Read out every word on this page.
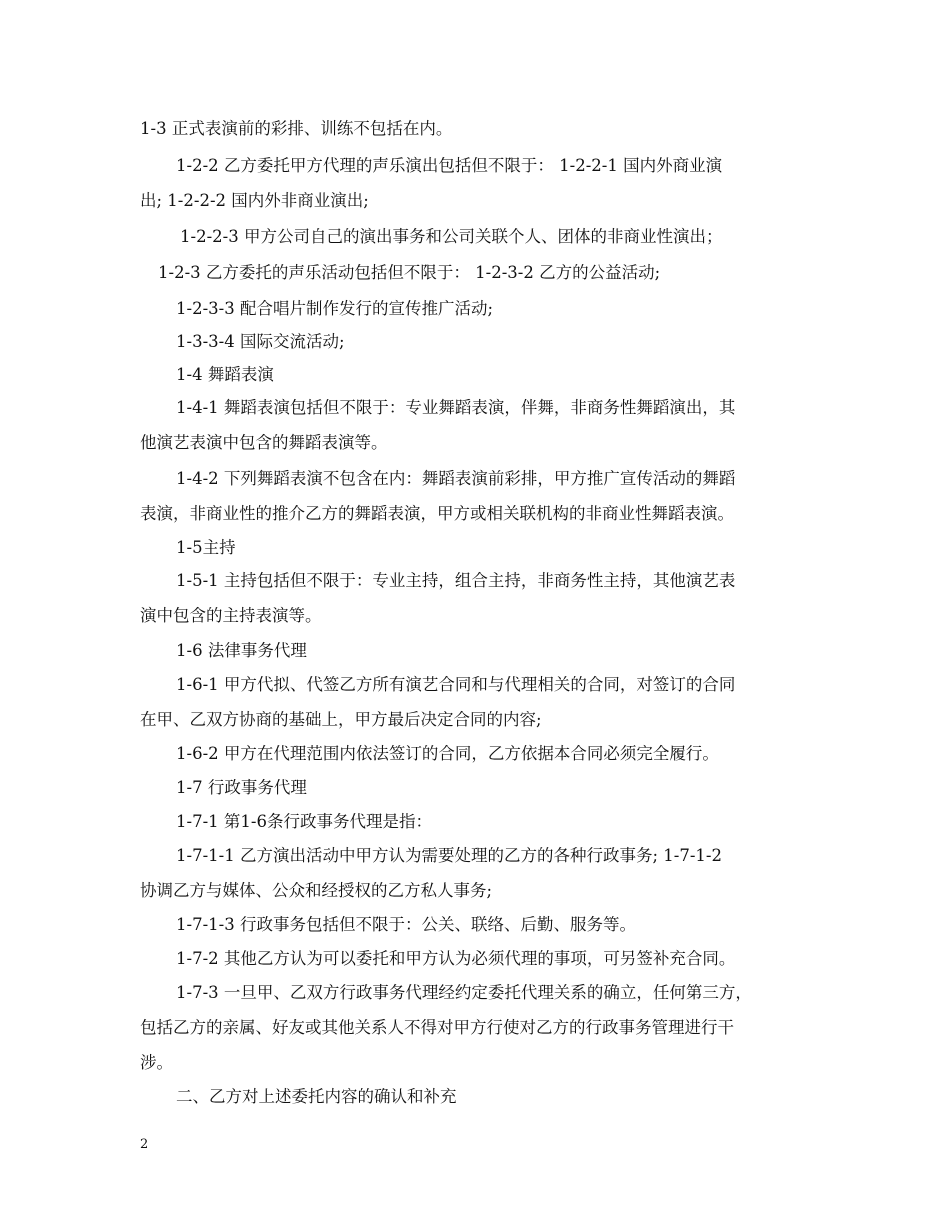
1-3 正式表演前的彩排、训练不包括在内。
1-2-2 乙方委托甲方代理的声乐演出包括但不限于： 1-2-2-1 国内外商业演
出; 1-2-2-2 国内外非商业演出;
1-2-2-3 甲方公司自己的演出事务和公司关联个人、团体的非商业性演出；
1-2-3 乙方委托的声乐活动包括但不限于： 1-2-3-2 乙方的公益活动;
1-2-3-3 配合唱片制作发行的宣传推广活动;
1-3-3-4 国际交流活动;
1-4 舞蹈表演
1-4-1 舞蹈表演包括但不限于：专业舞蹈表演，伴舞，非商务性舞蹈演出，其
他演艺表演中包含的舞蹈表演等。
1-4-2 下列舞蹈表演不包含在内：舞蹈表演前彩排，甲方推广宣传活动的舞蹈
表演，非商业性的推介乙方的舞蹈表演，甲方或相关联机构的非商业性舞蹈表演。
1-5主持
1-5-1 主持包括但不限于：专业主持，组合主持，非商务性主持，其他演艺表
演中包含的主持表演等。
1-6 法律事务代理
1-6-1 甲方代拟、代签乙方所有演艺合同和与代理相关的合同，对签订的合同
在甲、乙双方协商的基础上，甲方最后决定合同的内容;
1-6-2 甲方在代理范围内依法签订的合同，乙方依据本合同必须完全履行。
1-7 行政事务代理
1-7-1 第1-6条行政事务代理是指：
1-7-1-1 乙方演出活动中甲方认为需要处理的乙方的各种行政事务; 1-7-1-2
协调乙方与媒体、公众和经授权的乙方私人事务;
1-7-1-3 行政事务包括但不限于：公关、联络、后勤、服务等。
1-7-2 其他乙方认为可以委托和甲方认为必须代理的事项，可另签补充合同。
1-7-3 一旦甲、乙双方行政事务代理经约定委托代理关系的确立，任何第三方，
包括乙方的亲属、好友或其他关系人不得对甲方行使对乙方的行政事务管理进行干
涉。
二、乙方对上述委托内容的确认和补充
2
